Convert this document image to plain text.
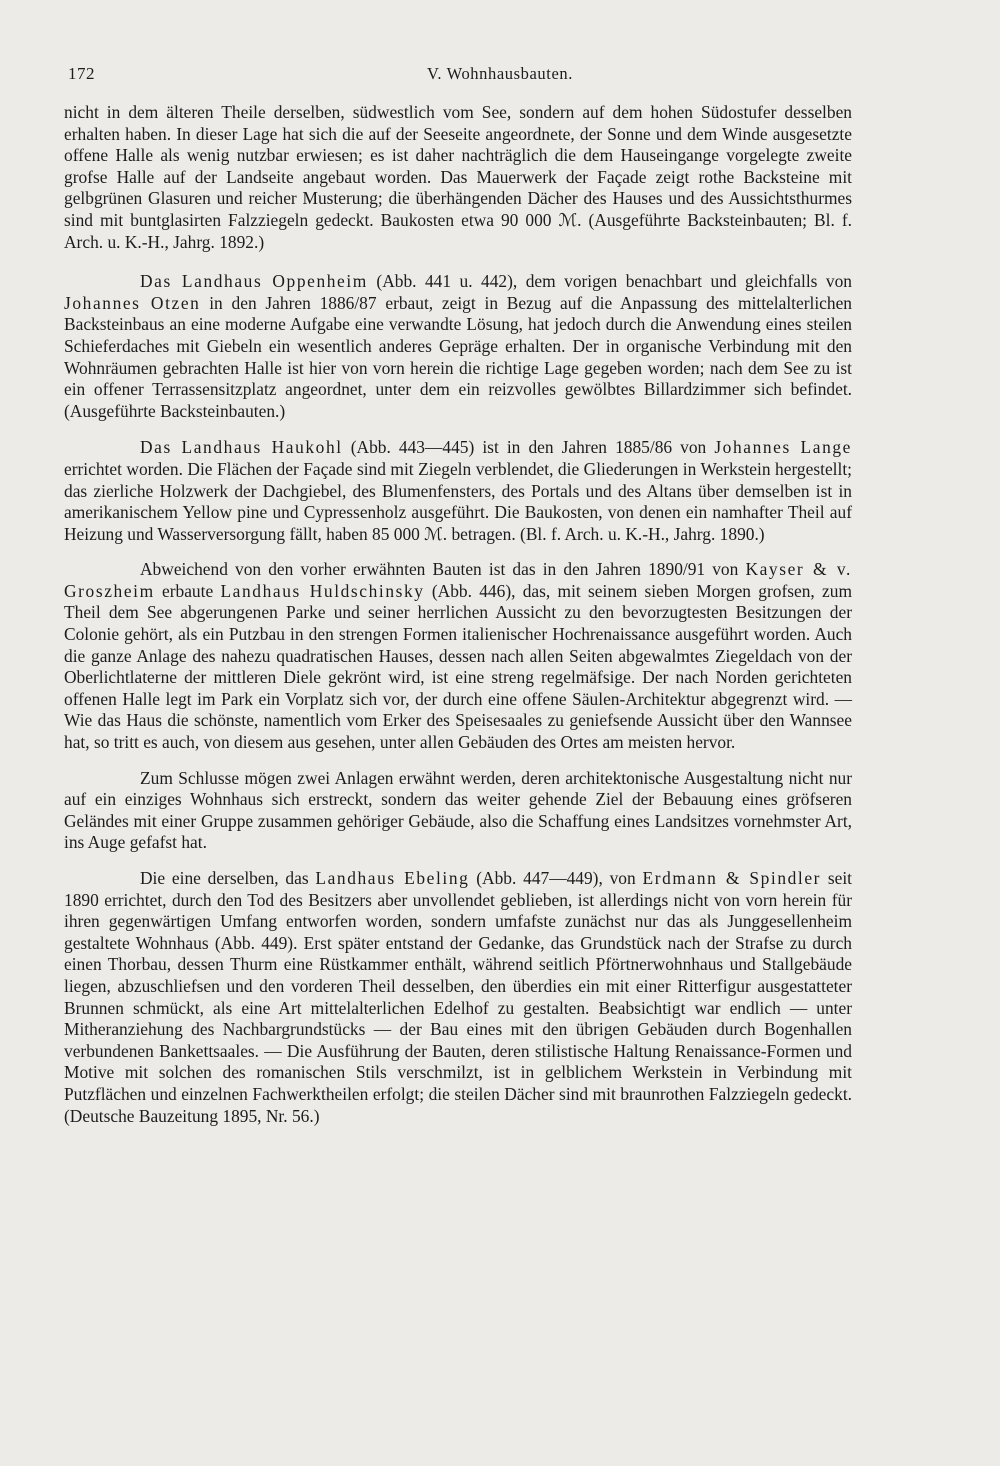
172	V. Wohnhausbauten.

nicht in dem älteren Theile derselben, südwestlich vom See, sondern auf dem hohen Südostufer desselben erhalten haben. In dieser Lage hat sich die auf der Seeseite angeordnete, der Sonne und dem Winde ausgesetzte offene Halle als wenig nutzbar erwiesen; es ist daher nachträglich die dem Hauseingange vorgelegte zweite grofse Halle auf der Landseite angebaut worden. Das Mauerwerk der Façade zeigt rothe Backsteine mit gelbgrünen Glasuren und reicher Musterung; die überhängenden Dächer des Hauses und des Aussichtsthurmes sind mit buntglasirten Falzziegeln gedeckt. Baukosten etwa 90 000 ℳ. (Ausgeführte Backsteinbauten; Bl. f. Arch. u. K.-H., Jahrg. 1892.)

Das Landhaus Oppenheim (Abb. 441 u. 442), dem vorigen benachbart und gleichfalls von Johannes Otzen in den Jahren 1886/87 erbaut, zeigt in Bezug auf die Anpassung des mittelalterlichen Backsteinbaus an eine moderne Aufgabe eine verwandte Lösung, hat jedoch durch die Anwendung eines steilen Schieferdaches mit Giebeln ein wesentlich anderes Gepräge erhalten. Der in organische Verbindung mit den Wohnräumen gebrachten Halle ist hier von vorn herein die richtige Lage gegeben worden; nach dem See zu ist ein offener Terrassensitzplatz angeordnet, unter dem ein reizvolles gewölbtes Billardzimmer sich befindet. (Ausgeführte Backsteinbauten.)

Das Landhaus Haukohl (Abb. 443—445) ist in den Jahren 1885/86 von Johannes Lange errichtet worden. Die Flächen der Façade sind mit Ziegeln verblendet, die Gliederungen in Werkstein hergestellt; das zierliche Holzwerk der Dachgiebel, des Blumenfensters, des Portals und des Altans über demselben ist in amerikanischem Yellow pine und Cypressenholz ausgeführt. Die Baukosten, von denen ein namhafter Theil auf Heizung und Wasserversorgung fällt, haben 85 000 ℳ. betragen. (Bl. f. Arch. u. K.-H., Jahrg. 1890.)

Abweichend von den vorher erwähnten Bauten ist das in den Jahren 1890/91 von Kayser & v. Groszheim erbaute Landhaus Huldschinsky (Abb. 446), das, mit seinem sieben Morgen grofsen, zum Theil dem See abgerungenen Parke und seiner herrlichen Aussicht zu den bevorzugtesten Besitzungen der Colonie gehört, als ein Putzbau in den strengen Formen italienischer Hochrenaissance ausgeführt worden. Auch die ganze Anlage des nahezu quadratischen Hauses, dessen nach allen Seiten abgewalmtes Ziegeldach von der Oberlichtlaterne der mittleren Diele gekrönt wird, ist eine streng regelmäfsige. Der nach Norden gerichteten offenen Halle legt im Park ein Vorplatz sich vor, der durch eine offene Säulen-Architektur abgegrenzt wird. — Wie das Haus die schönste, namentlich vom Erker des Speisesaales zu geniefsende Aussicht über den Wannsee hat, so tritt es auch, von diesem aus gesehen, unter allen Gebäuden des Ortes am meisten hervor.

Zum Schlusse mögen zwei Anlagen erwähnt werden, deren architektonische Ausgestaltung nicht nur auf ein einziges Wohnhaus sich erstreckt, sondern das weiter gehende Ziel der Bebauung eines gröfseren Geländes mit einer Gruppe zusammen gehöriger Gebäude, also die Schaffung eines Landsitzes vornehmster Art, ins Auge gefafst hat.

Die eine derselben, das Landhaus Ebeling (Abb. 447—449), von Erdmann & Spindler seit 1890 errichtet, durch den Tod des Besitzers aber unvollendet geblieben, ist allerdings nicht von vorn herein für ihren gegenwärtigen Umfang entworfen worden, sondern umfafste zunächst nur das als Junggesellenheim gestaltete Wohnhaus (Abb. 449). Erst später entstand der Gedanke, das Grundstück nach der Strafse zu durch einen Thorbau, dessen Thurm eine Rüstkammer enthält, während seitlich Pförtnerwohnhaus und Stallgebäude liegen, abzuschliefsen und den vorderen Theil desselben, den überdies ein mit einer Ritterfigur ausgestatteter Brunnen schmückt, als eine Art mittelalterlichen Edelhof zu gestalten. Beabsichtigt war endlich — unter Mitheranziehung des Nachbargrundstücks — der Bau eines mit den übrigen Gebäuden durch Bogenhallen verbundenen Bankettsaales. — Die Ausführung der Bauten, deren stilistische Haltung Renaissance-Formen und Motive mit solchen des romanischen Stils verschmilzt, ist in gelblichem Werkstein in Verbindung mit Putzflächen und einzelnen Fachwerktheilen erfolgt; die steilen Dächer sind mit braunrothen Falzziegeln gedeckt. (Deutsche Bauzeitung 1895, Nr. 56.)
